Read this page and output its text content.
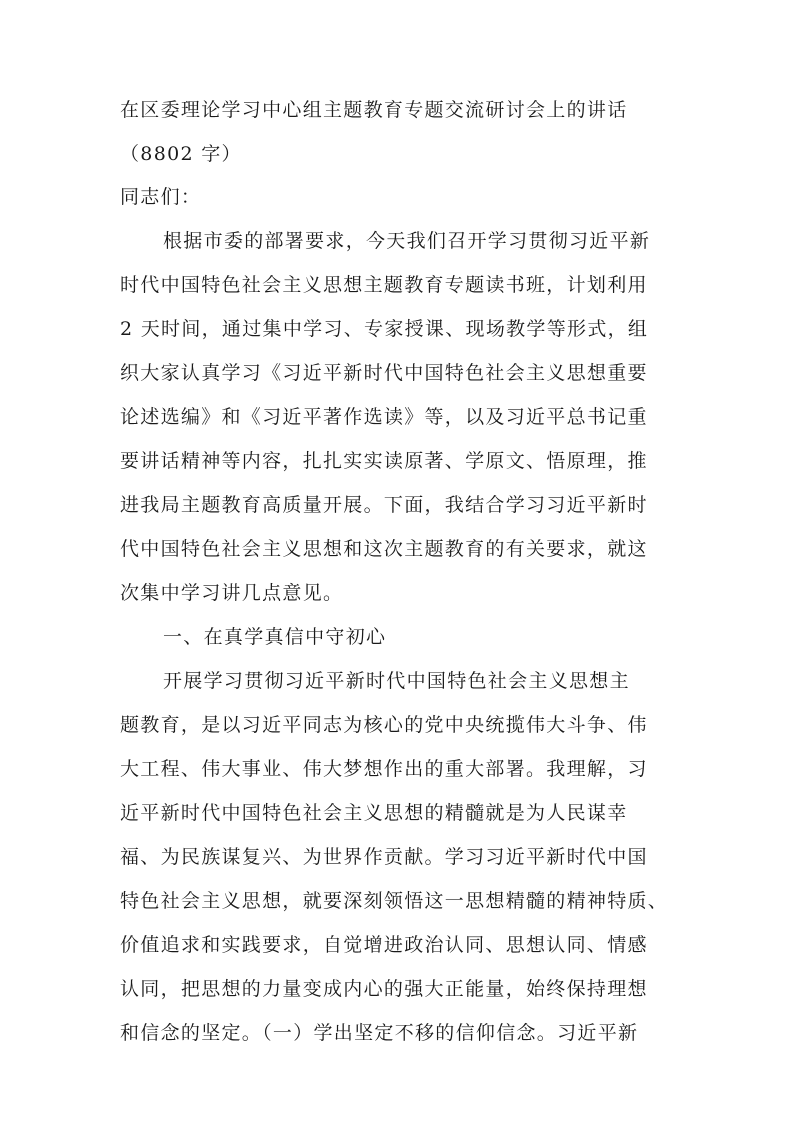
在区委理论学习中心组主题教育专题交流研讨会上的讲话
（8802 字）
同志们：
根据市委的部署要求，今天我们召开学习贯彻习近平新
时代中国特色社会主义思想主题教育专题读书班，计划利用
2 天时间，通过集中学习、专家授课、现场教学等形式，组
织大家认真学习《习近平新时代中国特色社会主义思想重要
论述选编》和《习近平著作选读》等，以及习近平总书记重
要讲话精神等内容，扎扎实实读原著、学原文、悟原理，推
进我局主题教育高质量开展。下面，我结合学习习近平新时
代中国特色社会主义思想和这次主题教育的有关要求，就这
次集中学习讲几点意见。
一、在真学真信中守初心
开展学习贯彻习近平新时代中国特色社会主义思想主
题教育，是以习近平同志为核心的党中央统揽伟大斗争、伟
大工程、伟大事业、伟大梦想作出的重大部署。我理解，习
近平新时代中国特色社会主义思想的精髓就是为人民谋幸
福、为民族谋复兴、为世界作贡献。学习习近平新时代中国
特色社会主义思想，就要深刻领悟这一思想精髓的精神特质、
价值追求和实践要求，自觉增进政治认同、思想认同、情感
认同，把思想的力量变成内心的强大正能量，始终保持理想
和信念的坚定。（一）学出坚定不移的信仰信念。习近平新
